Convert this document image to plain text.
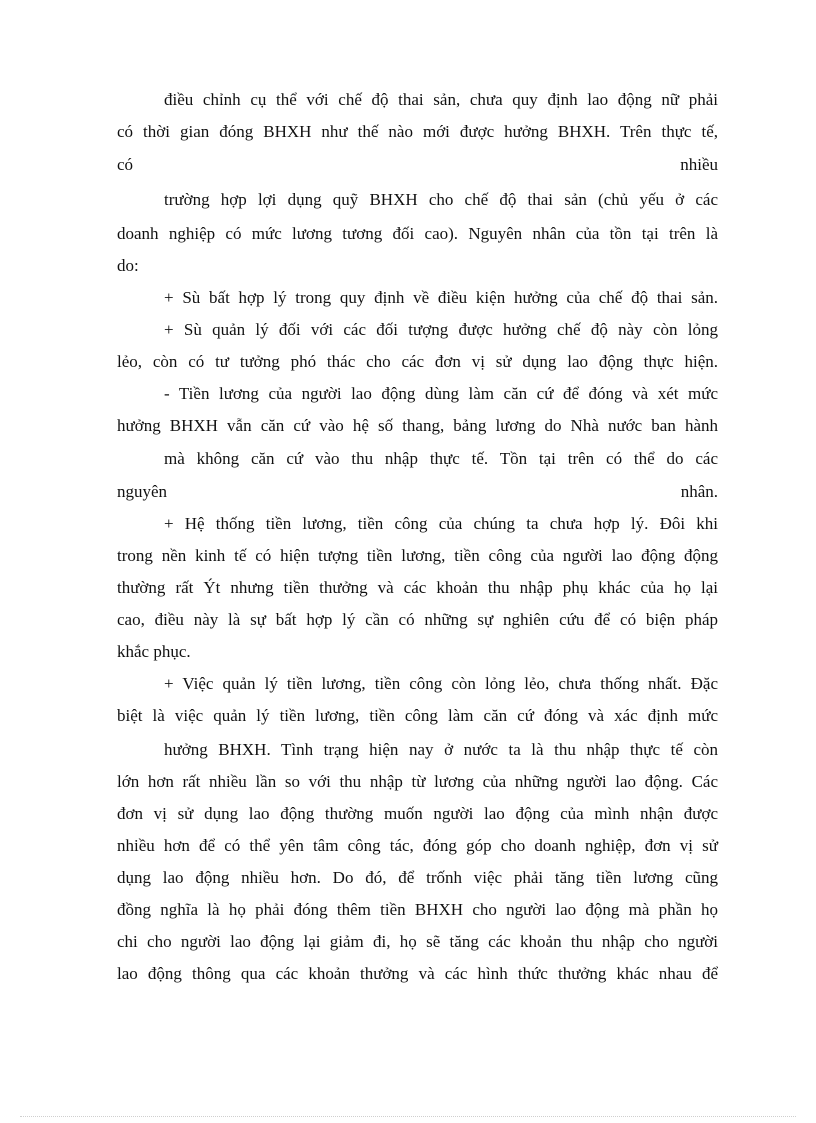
điều chỉnh cụ thể với chế độ thai sản, chưa quy định lao động nữ phải
có thời gian đóng BHXH như thế nào mới được hưởng BHXH. Trên thực tế,
có nhiều
trường hợp lợi dụng quỹ BHXH cho chế độ thai sản (chủ yếu ở các
doanh nghiệp có mức lương tương đối cao). Nguyên nhân của tồn tại trên là
do:
+ Sù bất hợp lý trong quy định về điều kiện hưởng của chế độ thai sản.
+ Sù quản lý đối với các đối tượng được hưởng chế độ này còn lỏng
lẻo, còn có tư tưởng phó thác cho các đơn vị sử dụng lao động thực hiện.
- Tiền lương của người lao động dùng làm căn cứ để đóng và xét mức
hưởng BHXH vẫn căn cứ vào hệ số thang, bảng lương do Nhà nước ban hành
mà không căn cứ vào thu nhập thực tế. Tồn tại trên có thể do các
nguyên nhân.
+ Hệ thống tiền lương, tiền công của chúng ta chưa hợp lý. Đôi khi
trong nền kinh tế có hiện tượng tiền lương, tiền công của người lao động động
thường rất Ýt nhưng tiền thưởng và các khoản thu nhập phụ khác của họ lại
cao, điều này là sự bất hợp lý cần có những sự nghiên cứu để có biện pháp
khắc phục.
+ Việc quản lý tiền lương, tiền công còn lỏng lẻo, chưa thống nhất. Đặc
biệt là việc quản lý tiền lương, tiền công làm căn cứ đóng và xác định mức
hưởng BHXH. Tình trạng hiện nay ở nước ta là thu nhập thực tế còn
lớn hơn rất nhiều lần so với thu nhập từ lương của những người lao động. Các
đơn vị sử dụng lao động thường muốn người lao động của mình nhận được
nhiều hơn để có thể yên tâm công tác, đóng góp cho doanh nghiệp, đơn vị sử
dụng lao động nhiều hơn. Do đó, để trốnh việc phải tăng tiền lương cũng
đồng nghĩa là họ phải đóng thêm tiền BHXH cho người lao động mà phần họ
chi cho người lao động lại giảm đi, họ sẽ tăng các khoản thu nhập cho người
lao động thông qua các khoản thưởng và các hình thức thưởng khác nhau để
